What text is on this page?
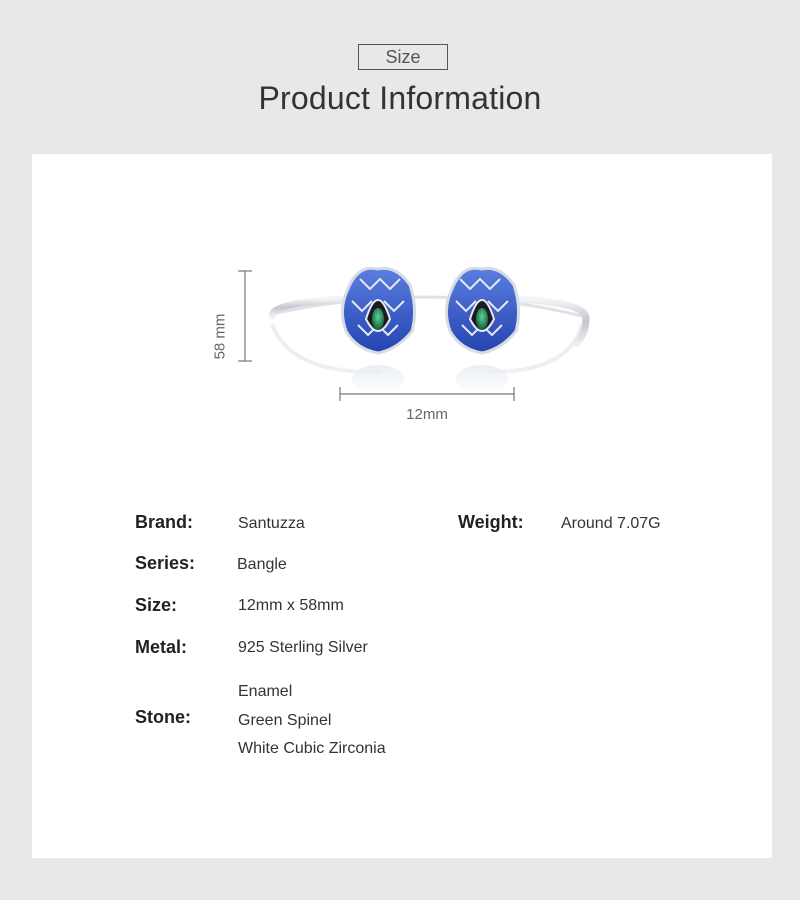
Size
Product Information
58 mm
12mm
Brand:	Santuzza	Weight: Around 7.07G
Series:	Bangle
Size:	12mm x 58mm
Metal:	925 Sterling Silver
Stone:
Enamel
Green Spinel
White Cubic Zirconia
